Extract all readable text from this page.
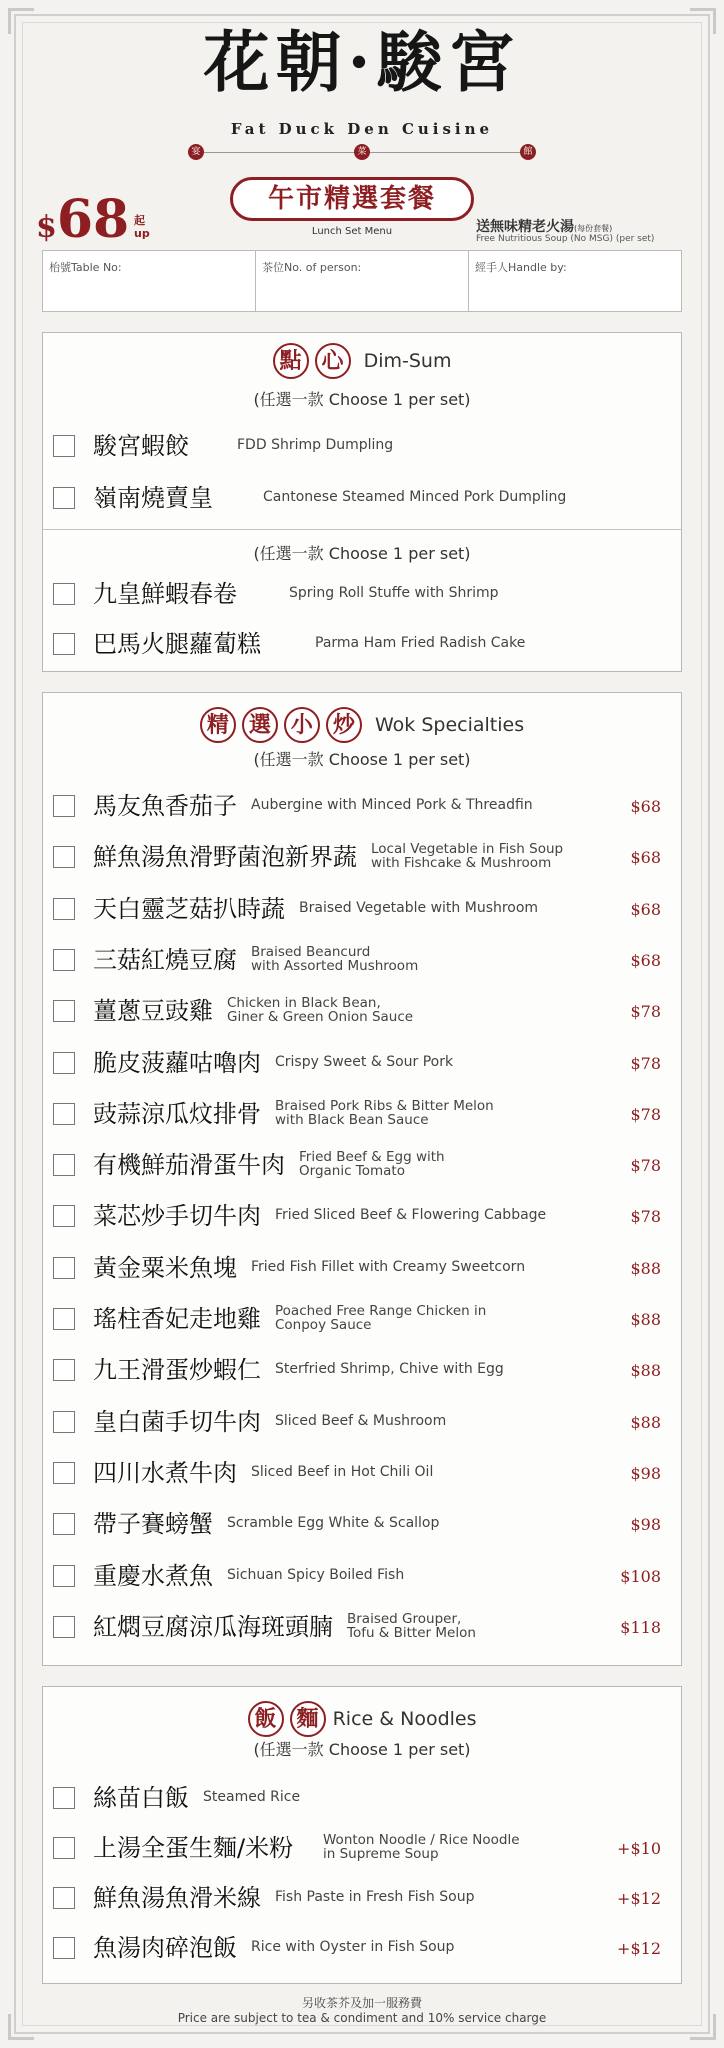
花朝·駿宮
Fat Duck Den Cuisine
宴	菜	館
$68 起
up
午市精選套餐
Lunch Set Menu	送無味精老火湯(每份套餐)
Free Nutritious Soup (No MSG) (per set)
枱號Table No:	茶位No. of person:	經手人Handle by:
點 心	Dim-Sum
(任選一款 Choose 1 per set)
駿宮蝦餃	FDD Shrimp Dumpling
嶺南燒賣皇	Cantonese Steamed Minced Pork Dumpling
(任選一款 Choose 1 per set)
九皇鮮蝦春卷	Spring Roll Stuffe with Shrimp
巴馬火腿蘿蔔糕	Parma Ham Fried Radish Cake
精 選 小 炒	Wok Specialties
(任選一款 Choose 1 per set)
馬友魚香茄子 Aubergine with Minced Pork & Threadfin	$68
鮮魚湯魚滑野菌泡新界蔬 Local Vegetable in Fish Soup
with Fishcake & Mushroom	$68
天白靈芝菇扒時蔬 Braised Vegetable with Mushroom	$68
三菇紅燒豆腐 Braised Beancurd
with Assorted Mushroom	$68
薑蔥豆豉雞 Chicken in Black Bean,
Giner & Green Onion Sauce	$78
脆皮菠蘿咕嚕肉 Crispy Sweet & Sour Pork	$78
豉蒜涼瓜炆排骨 Braised Pork Ribs & Bitter Melon
with Black Bean Sauce	$78
有機鮮茄滑蛋牛肉 Fried Beef & Egg with
Organic Tomato	$78
菜芯炒手切牛肉 Fried Sliced Beef & Flowering Cabbage	$78
黃金粟米魚塊 Fried Fish Fillet with Creamy Sweetcorn	$88
瑤柱香妃走地雞 Poached Free Range Chicken in
Conpoy Sauce	$88
九王滑蛋炒蝦仁 Sterfried Shrimp, Chive with Egg	$88
皇白菌手切牛肉 Sliced Beef & Mushroom	$88
四川水煮牛肉 Sliced Beef in Hot Chili Oil	$98
帶子賽螃蟹 Scramble Egg White & Scallop	$98
重慶水煮魚 Sichuan Spicy Boiled Fish	$108
紅燜豆腐涼瓜海斑頭腩 Braised Grouper,
Tofu & Bitter Melon	$118
飯 麵 Rice & Noodles
(任選一款 Choose 1 per set)
絲苗白飯 Steamed Rice
上湯全蛋生麵/米粉 Wonton Noodle / Rice Noodle
in Supreme Soup	+$10
鮮魚湯魚滑米線 Fish Paste in Fresh Fish Soup	+$12
魚湯肉碎泡飯 Rice with Oyster in Fish Soup	+$12
另收茶芥及加一服務費
Price are subject to tea & condiment and 10% service charge
